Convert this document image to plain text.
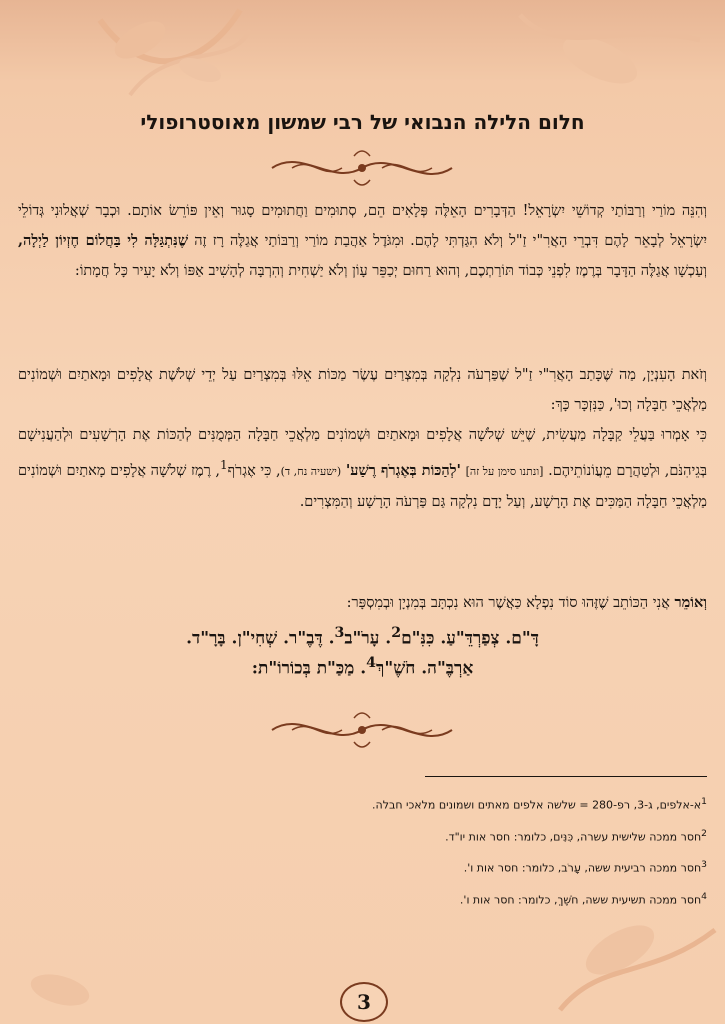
חלום הלילה הנבואי של רבי שמשון מאוסטרופולי
וְהִנֵּה מוֹרַי וְרַבּוֹתַי קְדוֹשֵׁי יִשְׂרָאֵל! הַדְּבָרִים הָאֵלֶּה פְּלָאִים הֵם, סְתוּמִים וַחֲתוּמִים סָגוּר וְאֵין פּוֹרֵשׂ אוֹתָם. וּכְבָר שְׁאֲלוּנִי גְּדוֹלֵי יִשְׂרָאֵל לְבָאֵר לָהֶם דִּבְרֵי הָאֲרִ"י זַ"ל וְלֹא הִגַּדְתִּי לָהֶם. וּמִגֹּדֶל אַהֲבַת מוֹרַי וְרַבּוֹתַי אֲגַלֶּה רָז זֶה שֶׁנִּתְגַּלָּה לִי בַּחֲלוֹם חֶזְיוֹן לַיְלָה, וְעַכְשָׁו אֲגַלֶּה הַדָּבָר בְּרֶמֶז לִפְנֵי כְּבוֹד תּוֹרַתְכֶם, וְהוּא רַחוּם יְכַפֵּר עָוֹן וְלֹא יַשְׁחִית וְהִרְבָּה לְהָשִׁיב אַפּוֹ וְלֹא יָעִיר כָּל חֲמָתוֹ:
וְזֹאת הָעִנְיָן, מַה שֶּׁכָּתַב הָאֲרִ"י זַ"ל שֶׁפַּרְעֹה נִלְקָה בְּמִצְרַיִם עֶשֶׂר מַכּוֹת אֵלּוּ בְּמִצְרַיִם עַל יְדֵי שְׁלֹשֶׁת אֲלָפִים וּמָאתַיִם וּשְׁמוֹנִים מַלְאֲכֵי חַבָּלָה וְכוּ', כַּנִּזְכָּר כָּךְ:
כִּי אָמְרוּ בַּעֲלֵי קַבָּלָה מַעֲשִׂית, שֶׁיֵּשׁ שְׁלֹשָׁה אֲלָפִים וּמָאתַיִם וּשְׁמוֹנִים מַלְאֲכֵי חַבָּלָה הַמְּמֻנִּים לְהַכּוֹת אֶת הָרְשָׁעִים וּלְהַעֲנִישָׁם בְּגֵיהִנֹּם, וּלְטַהֲרָם מֵעֲוֹנוֹתֵיהֶם. [ונתנו סימן על זה] 'לְהַכּוֹת בְּאֶגְרֹף רֶשַׁע' (ישעיה נח, ד), כִּי אֶגְרֹף$^1$, רֶמֶז שְׁלֹשָׁה אֲלָפִים מָאתַיִם וּשְׁמוֹנִים מַלְאֲכֵי חַבָּלָה הַמַּכִּים אֶת הָרָשָׁע, וְעַל יָדָם נִלְקָה גַּם פַּרְעֹה הָרָשָׁע וְהַמִּצְרִים.
וְאוֹמֵר אֲנִי הַכּוֹתֵב שֶׁזֶּהוּ סוֹד נִפְלָא כַּאֲשֶׁר הוּא נִכְתָּב בְּמִנְיָן וּבְמִסְפָּר:
דָּ"ם. צְפַרְדֵּ"עַ. כִּנִּ"ם$^2$. עָרֹ"ב$^3$. דֶּבֶ"ר. שְׁחִי"ן. בָּרָ"ד.
אַרְבֶּ"ה. חֹשֶׁ"ךְ$^4$. מַכַּ"ת בְּכוֹרוֹ"ת:
$^1$א-אלפים, ג-3, רפ-280 = שלשה אלפים מאתים ושמונים מלאכי חבלה.
$^2$חסר ממכה שלישית עשרה, כִּנִּים, כלומר: חסר אות יו"ד.
$^3$חסר ממכה רביעית ששה, עָרֹב, כלומר: חסר אות ו'.
$^4$חסר ממכה תשיעית ששה, חֹשֶׁךְ, כלומר: חסר אות ו'.
3
